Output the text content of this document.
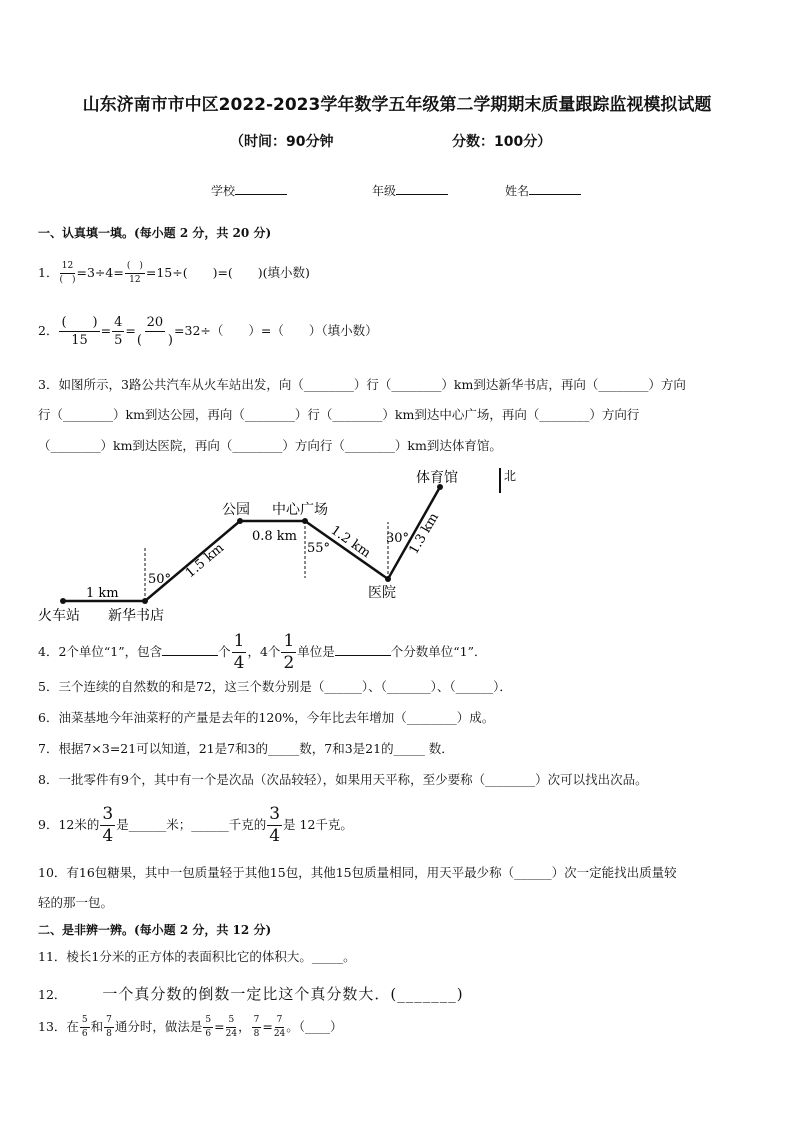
山东济南市市中区2022-2023学年数学五年级第二学期期末质量跟踪监视模拟试题
（时间：90分钟	分数：100分）
学校	年级	姓名
一、认真填一填。(每小题 2 分，共 20 分)
1． $\frac{12}{( )} =3\div 4= \frac{( )}{12} =15\div$(　　)=(　　)(填小数)
2． $\frac{( )}{15} = \frac{4}{5} = \frac{20}{( )} =32\div$（　　）=（　　）（填小数）
3．如图所示，3路公共汽车从火车站出发，向（________）行（________）km到达新华书店，再向（________）方向
行（________）km到达公园，再向（________）行（________）km到达中心广场，再向（________）方向行
（________）km到达医院，再向（________）方向行（________）km到达体育馆。
北
火车站 新华书店
公园 中心广场
医院
体育馆
1 km
1.5 km
0.8 km 1.2 km	1.3 km
50°
55°
30°
4．2个单位“1”，包含	个 $\frac{1}{4}$ ，4个 $\frac{1}{2}$ 单位是	个分数单位“1”．
5．三个连续的自然数的和是72，这三个数分别是（______）、（_______）、（______）．
6．油菜基地今年油菜籽的产量是去年的120%，今年比去年增加（________）成。
7．根据7×3=21可以知道，21是7和3的_____数，7和3是21的_____ 数．
8．一批零件有9个，其中有一个是次品（次品较轻），如果用天平称，至少要称（________）次可以找出次品。
9．12米的 $\frac{3}{4}$ 是______米；______千克的 $\frac{3}{4}$ 是 12千克。
10．有16包糖果，其中一包质量轻于其他15包，其他15包质量相同，用天平最少称（______）次一定能找出质量较
轻的那一包。
二、是非辨一辨。(每小题 2 分，共 12 分)
11．棱长1分米的正方体的表面积比它的体积大。_____。
12． 一个真分数的倒数一定比这个真分数大．(_______)
13．在 $\frac{5}{6}$ 和 $\frac{7}{8}$ 通分时，做法是 $\frac{5}{6} = \frac{5}{24}$ ， $\frac{7}{8} = \frac{7}{24}$ 。（____）
